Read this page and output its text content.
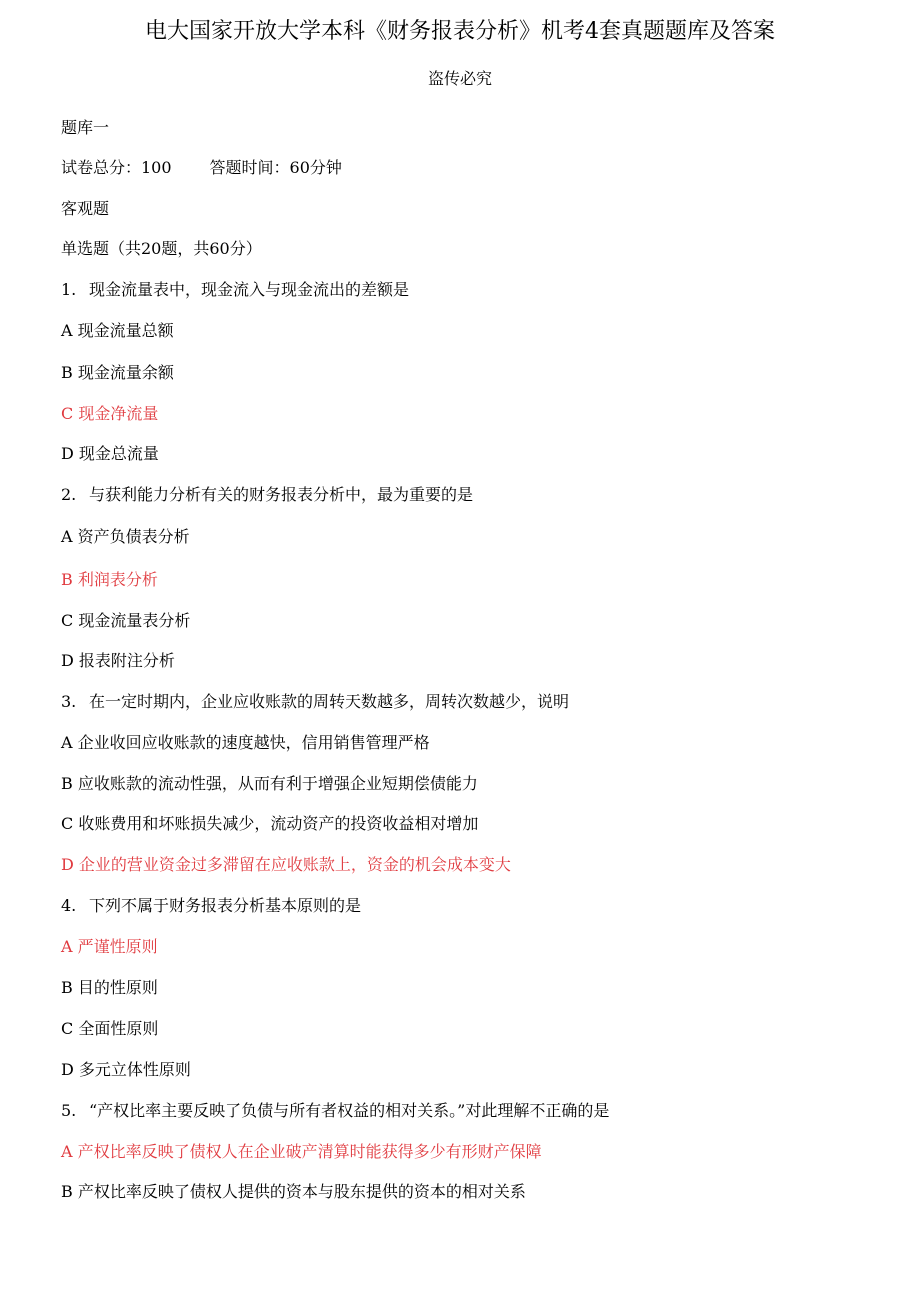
电大国家开放大学本科《财务报表分析》机考4套真题题库及答案
盗传必究
题库一
试卷总分：100 答题时间：60分钟
客观题
单选题（共20题，共60分）
1. 现金流量表中，现金流入与现金流出的差额是
A 现金流量总额
B 现金流量余额
C 现金净流量
D 现金总流量
2. 与获利能力分析有关的财务报表分析中，最为重要的是
A 资产负债表分析
B 利润表分析
C 现金流量表分析
D 报表附注分析
3. 在一定时期内，企业应收账款的周转天数越多，周转次数越少，说明
A 企业收回应收账款的速度越快，信用销售管理严格
B 应收账款的流动性强，从而有利于增强企业短期偿债能力
C 收账费用和坏账损失减少，流动资产的投资收益相对增加
D 企业的营业资金过多滞留在应收账款上，资金的机会成本变大
4. 下列不属于财务报表分析基本原则的是
A 严谨性原则
B 目的性原则
C 全面性原则
D 多元立体性原则
5. “产权比率主要反映了负债与所有者权益的相对关系。”对此理解不正确的是
A 产权比率反映了债权人在企业破产清算时能获得多少有形财产保障
B 产权比率反映了债权人提供的资本与股东提供的资本的相对关系
